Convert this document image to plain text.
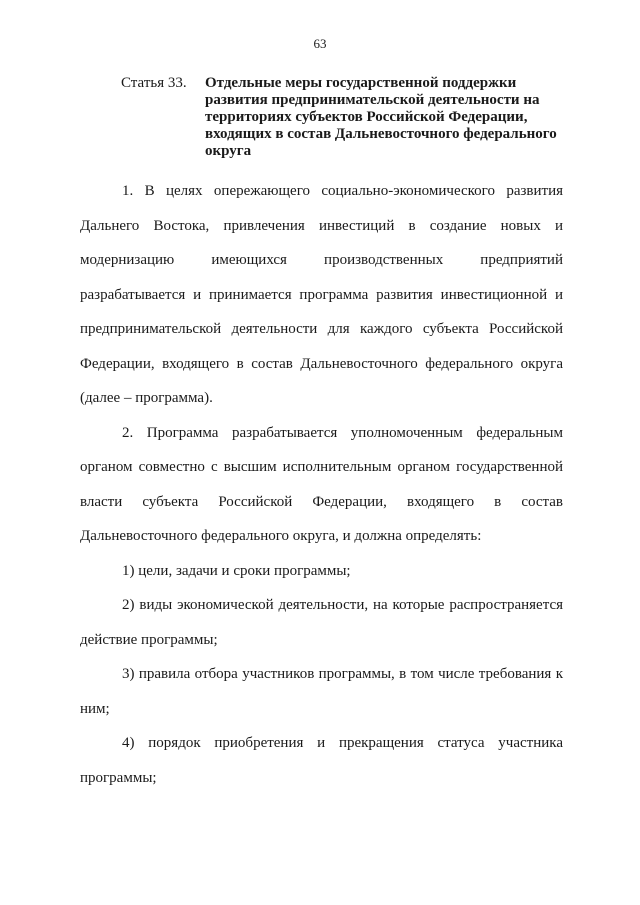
63
Статья 33.	Отдельные меры государственной поддержки развития предпринимательской деятельности на территориях субъектов Российской Федерации, входящих в состав Дальневосточного федерального округа

1. В целях опережающего социально-экономического развития Дальнего Востока, привлечения инвестиций в создание новых и модернизацию имеющихся производственных предприятий разрабатывается и принимается программа развития инвестиционной и предпринимательской деятельности для каждого субъекта Российской Федерации, входящего в состав Дальневосточного федерального округа (далее – программа).

2. Программа разрабатывается уполномоченным федеральным органом совместно с высшим исполнительным органом государственной власти субъекта Российской Федерации, входящего в состав Дальневосточного федерального округа, и должна определять:

1) цели, задачи и сроки программы;

2) виды экономической деятельности, на которые распространяется действие программы;

3) правила отбора участников программы, в том числе требования к ним;

4) порядок приобретения и прекращения статуса участника программы;
